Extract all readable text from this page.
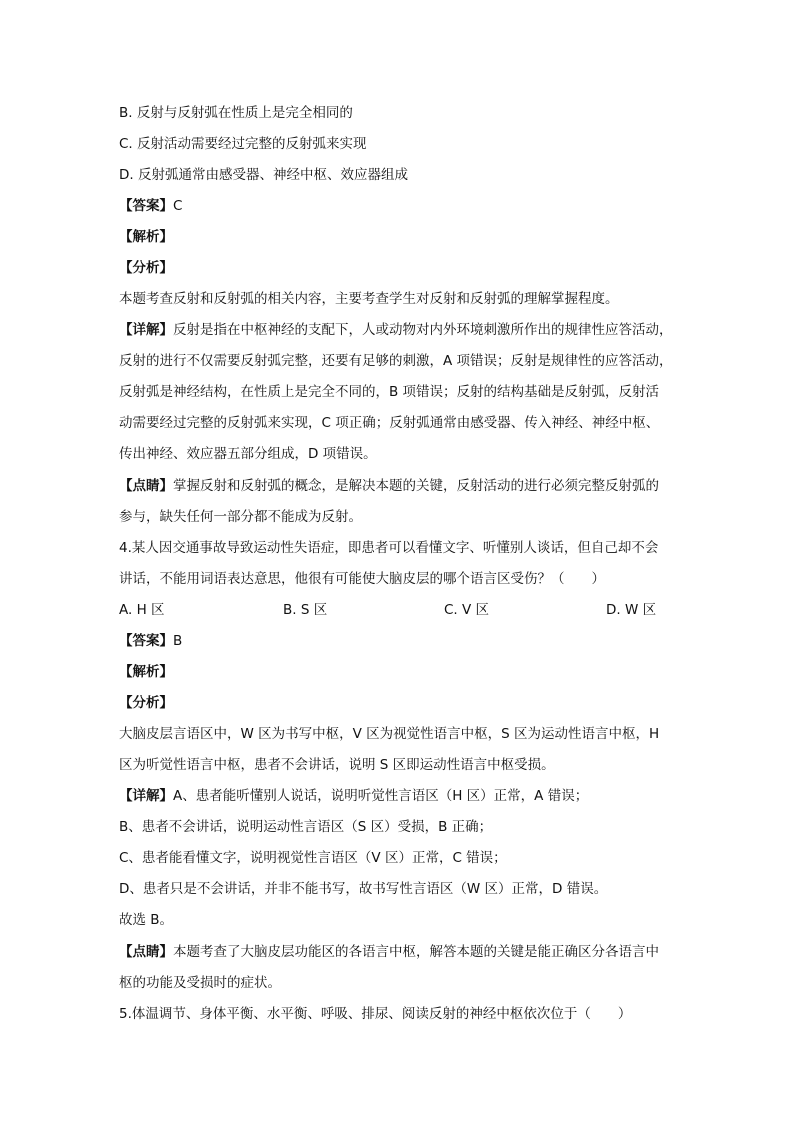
B. 反射与反射弧在性质上是完全相同的
C. 反射活动需要经过完整的反射弧来实现
D. 反射弧通常由感受器、神经中枢、效应器组成
【答案】C
【解析】
【分析】
本题考查反射和反射弧的相关内容，主要考查学生对反射和反射弧的理解掌握程度。
【详解】反射是指在中枢神经的支配下，人或动物对内外环境刺激所作出的规律性应答活动，
反射的进行不仅需要反射弧完整，还要有足够的刺激，A 项错误；反射是规律性的应答活动，
反射弧是神经结构，在性质上是完全不同的，B 项错误；反射的结构基础是反射弧，反射活
动需要经过完整的反射弧来实现，C 项正确；反射弧通常由感受器、传入神经、神经中枢、
传出神经、效应器五部分组成，D 项错误。
【点睛】掌握反射和反射弧的概念，是解决本题的关键，反射活动的进行必须完整反射弧的
参与，缺失任何一部分都不能成为反射。
4.某人因交通事故导致运动性失语症，即患者可以看懂文字、听懂别人谈话，但自己却不会
讲话，不能用词语表达意思，他很有可能使大脑皮层的哪个语言区受伤？（　　）
A. H 区	B. S 区	C. V 区	D. W 区
【答案】B
【解析】
【分析】
大脑皮层言语区中，W 区为书写中枢，V 区为视觉性语言中枢，S 区为运动性语言中枢，H
区为听觉性语言中枢，患者不会讲话，说明 S 区即运动性语言中枢受损。
【详解】A、患者能听懂别人说话，说明听觉性言语区（H 区）正常，A 错误；
B、患者不会讲话，说明运动性言语区（S 区）受损，B 正确；
C、患者能看懂文字，说明视觉性言语区（V 区）正常，C 错误；
D、患者只是不会讲话，并非不能书写，故书写性言语区（W 区）正常，D 错误。
故选 B。
【点睛】本题考查了大脑皮层功能区的各语言中枢，解答本题的关键是能正确区分各语言中
枢的功能及受损时的症状。
5.体温调节、身体平衡、水平衡、呼吸、排尿、阅读反射的神经中枢依次位于（　　）
